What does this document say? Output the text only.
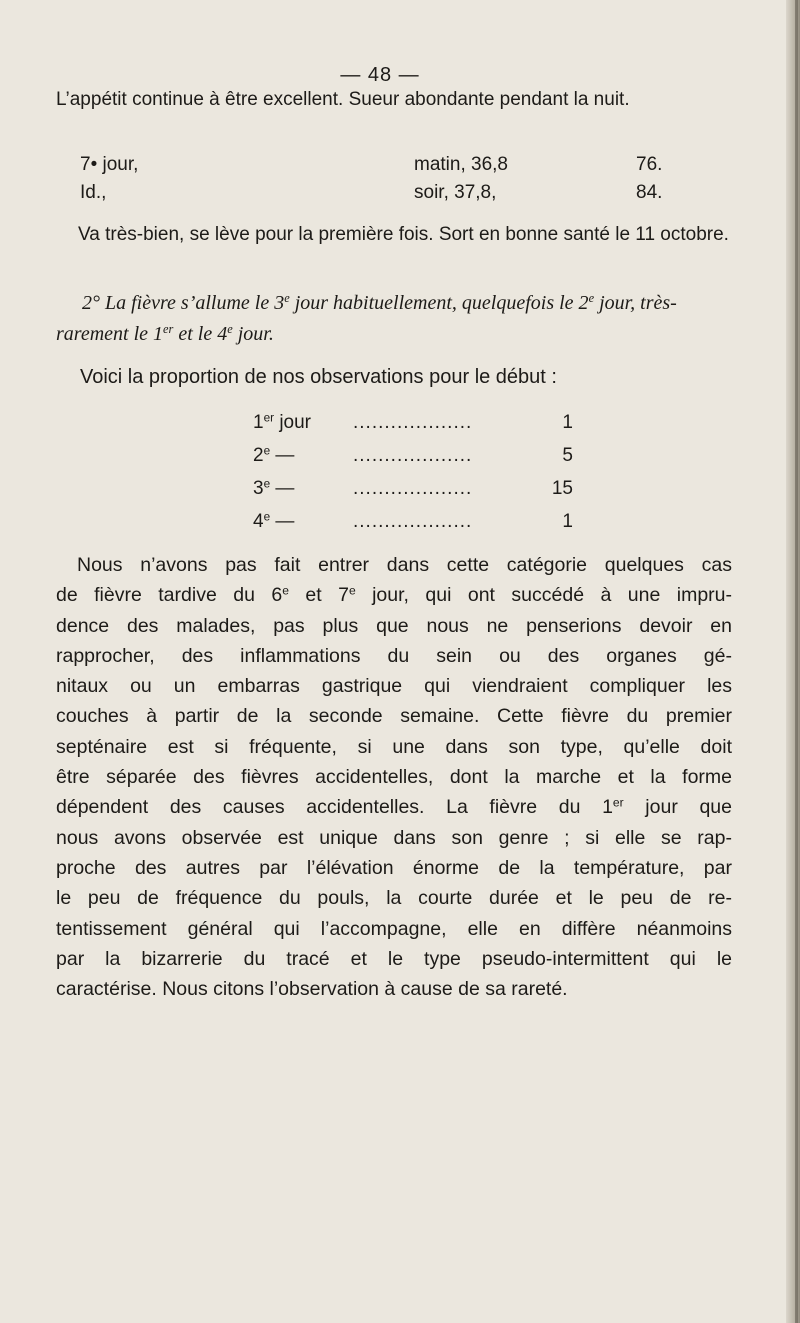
— 48 —
L’appétit continue à être excellent. Sueur abondante pendant la nuit.
7• jour,	matin, 36,8	76.
Id.,	soir, 37,8,	84.
Va très-bien, se lève pour la première fois. Sort en bonne santé le 11 octobre.
2° La fièvre s’allume le 3e jour habituellement, quelquefois le 2e jour, très-rarement le 1er et le 4e jour.
Voici la proportion de nos observations pour le début :
1er jour ...................	1
2e —	...................	5
3e —	...................	15
4e —	...................	1
Nous n’avons pas fait entrer dans cette catégorie quelques cas
de fièvre tardive du 6e et 7e jour, qui ont succédé à une impru-
dence des malades, pas plus que nous ne penserions devoir en
rapprocher, des inflammations du sein ou des organes gé-
nitaux ou un embarras gastrique qui viendraient compliquer les
couches à partir de la seconde semaine. Cette fièvre du premier
septénaire est si fréquente, si une dans son type, qu’elle doit
être séparée des fièvres accidentelles, dont la marche et la forme
dépendent des causes accidentelles. La fièvre du 1er jour que
nous avons observée est unique dans son genre ; si elle se rap-
proche des autres par l’élévation énorme de la température, par
le peu de fréquence du pouls, la courte durée et le peu de re-
tentissement général qui l’accompagne, elle en diffère néanmoins
par la bizarrerie du tracé et le type pseudo-intermittent qui le
caractérise. Nous citons l’observation à cause de sa rareté.
